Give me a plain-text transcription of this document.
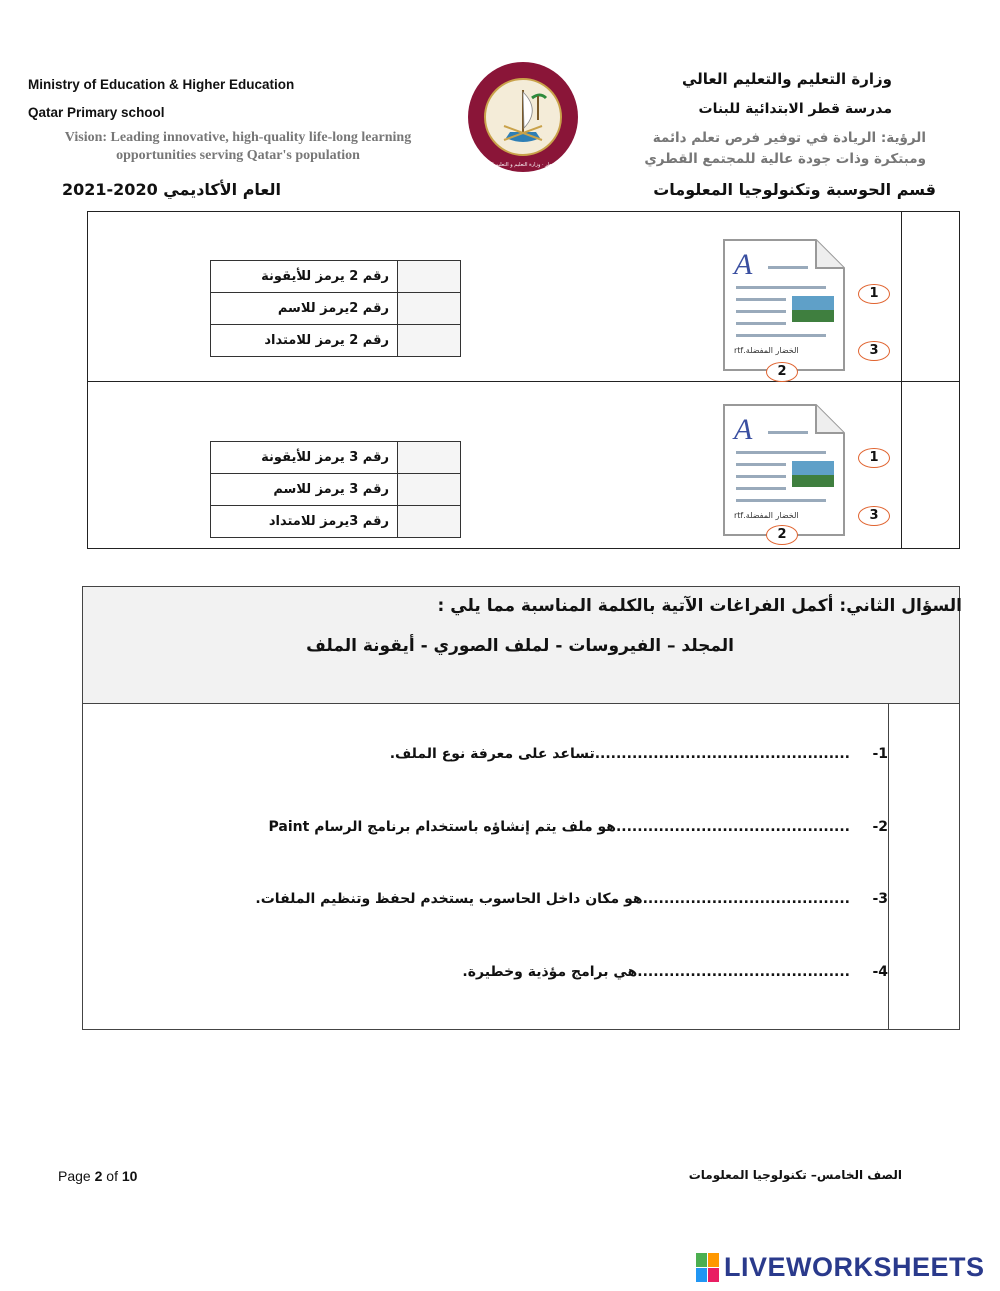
Ministry of Education & Higher Education
Qatar Primary school
Vision: Leading innovative, high-quality life-long learning opportunities serving Qatar's population
وزارة التعليم والتعليم العالي
مدرسة قطر الابتدائية للبنات
الرؤية: الريادة في توفير فرص تعلم دائمة ومبتكرة وذات جودة عالية للمجتمع القطري
دولة قطر · وزارة التعليم و التعليم العالي
قسم الحوسبة وتكنولوجيا المعلومات
العام الأكاديمي 2020-2021
A
الخضار المفضلة.rtf
1
3
2
	رقم 2 يرمز للأيقونة
	رقم 2يرمز للاسم
	رقم 2 يرمز للامتداد
A
الخضار المفضلة.rtf
1
3
2
	رقم 3 يرمز للأيقونة
	رقم 3 يرمز للاسم
	رقم 3يرمز للامتداد
السؤال الثاني: أكمل الفراغات الآتية بالكلمة المناسبة مما يلي :
المجلد – الفيروسات - لملف الصوري - أيقونة الملف
-1
................................................تساعد على معرفة نوع الملف.
-2
............................................هو ملف يتم إنشاؤه باستخدام برنامج الرسام Paint
-3
.......................................هو مكان داخل الحاسوب يستخدم لحفظ وتنظيم الملفات.
-4
........................................هي برامج مؤذية وخطيرة.
Page 2 of 10	الصف الخامس– تكنولوجيا المعلومات
LIVEWORKSHEETS
